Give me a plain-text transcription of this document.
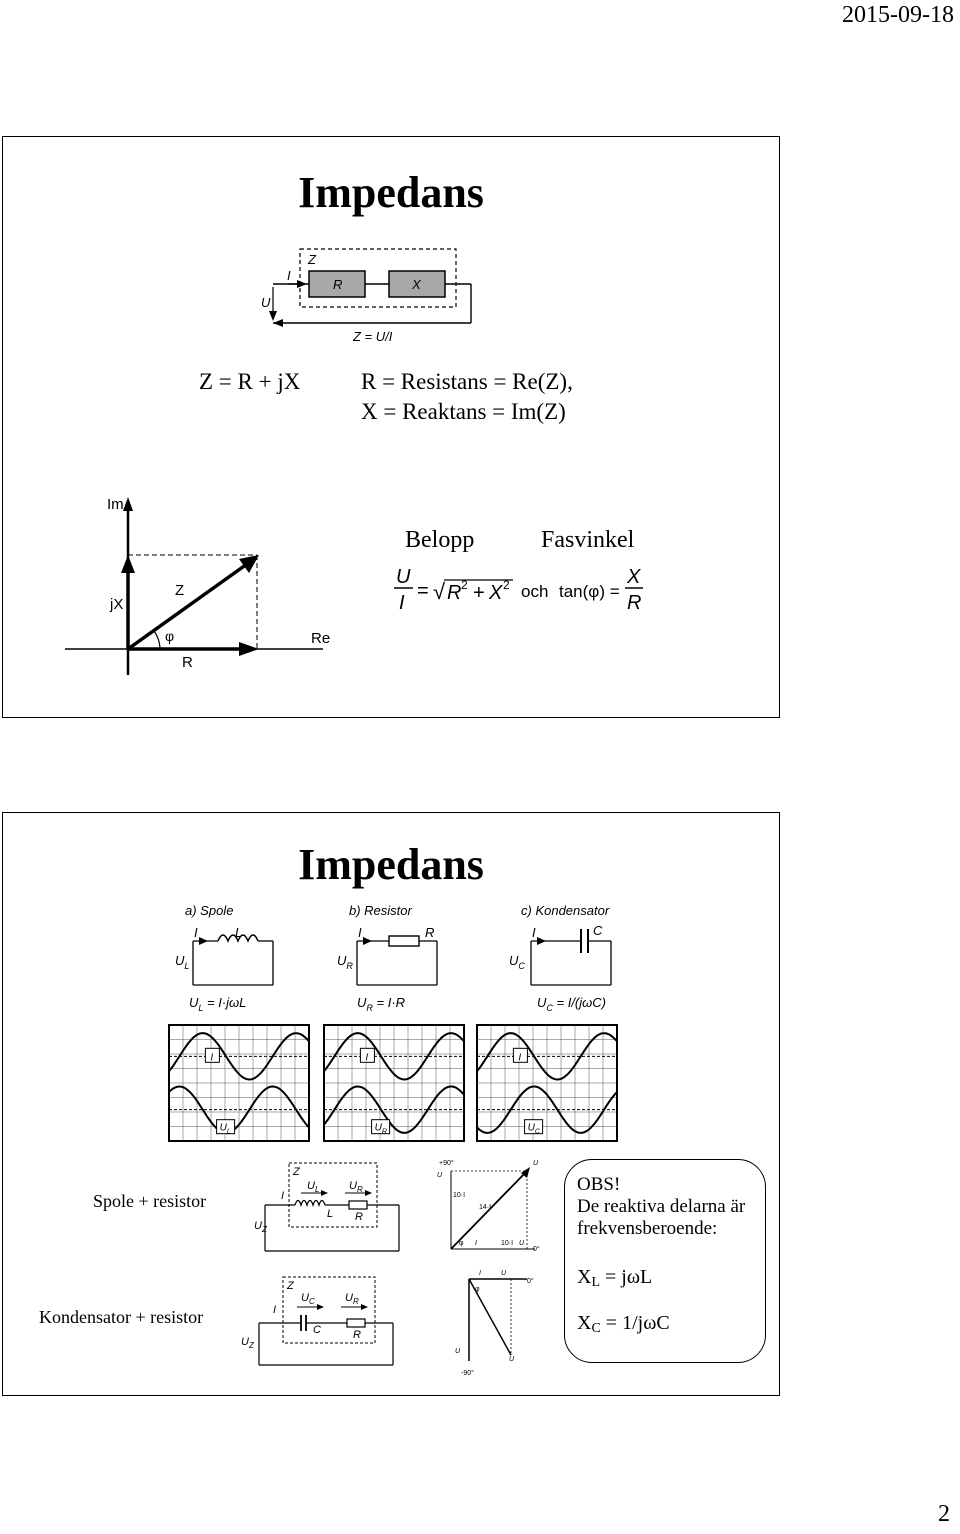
2015-09-18
Impedans
I
Z
R	X
U
Z = U/I
Z = R + jX	R = Resistans = Re(Z),
X = Reaktans = Im(Z)
Im
Re
jX
Z
R
φ
Belopp	Fasvinkel
U
I
= √ R 2 + X 2 och tan(φ) =
X
R
Impedans
a) Spole
I	L
$U_L$
$U_L = I\cdot j\omega L$
b) Resistor
I	R
$U_R$
$U_R = I\cdot R$
c) Kondensator
I	C
$U_C$
$U_C = I/(j\omega C)$
I
$U_L$
I
$U_R$
I
$U_C$
Spole + resistor
Kondensator + resistor
Z
I
$U_L$	$U_R$
L R
$U_Z$
Z
I
$U_C$	$U_R$
C	R
$U_Z$
+90°
U
U
10·I
14·I
φ I	10·I U
0°
I	U
0°
φ
U
U
-90°
OBS!
De reaktiva delarna är
frekvensberoende:
XL = jωL
XC = 1/jωC
2
